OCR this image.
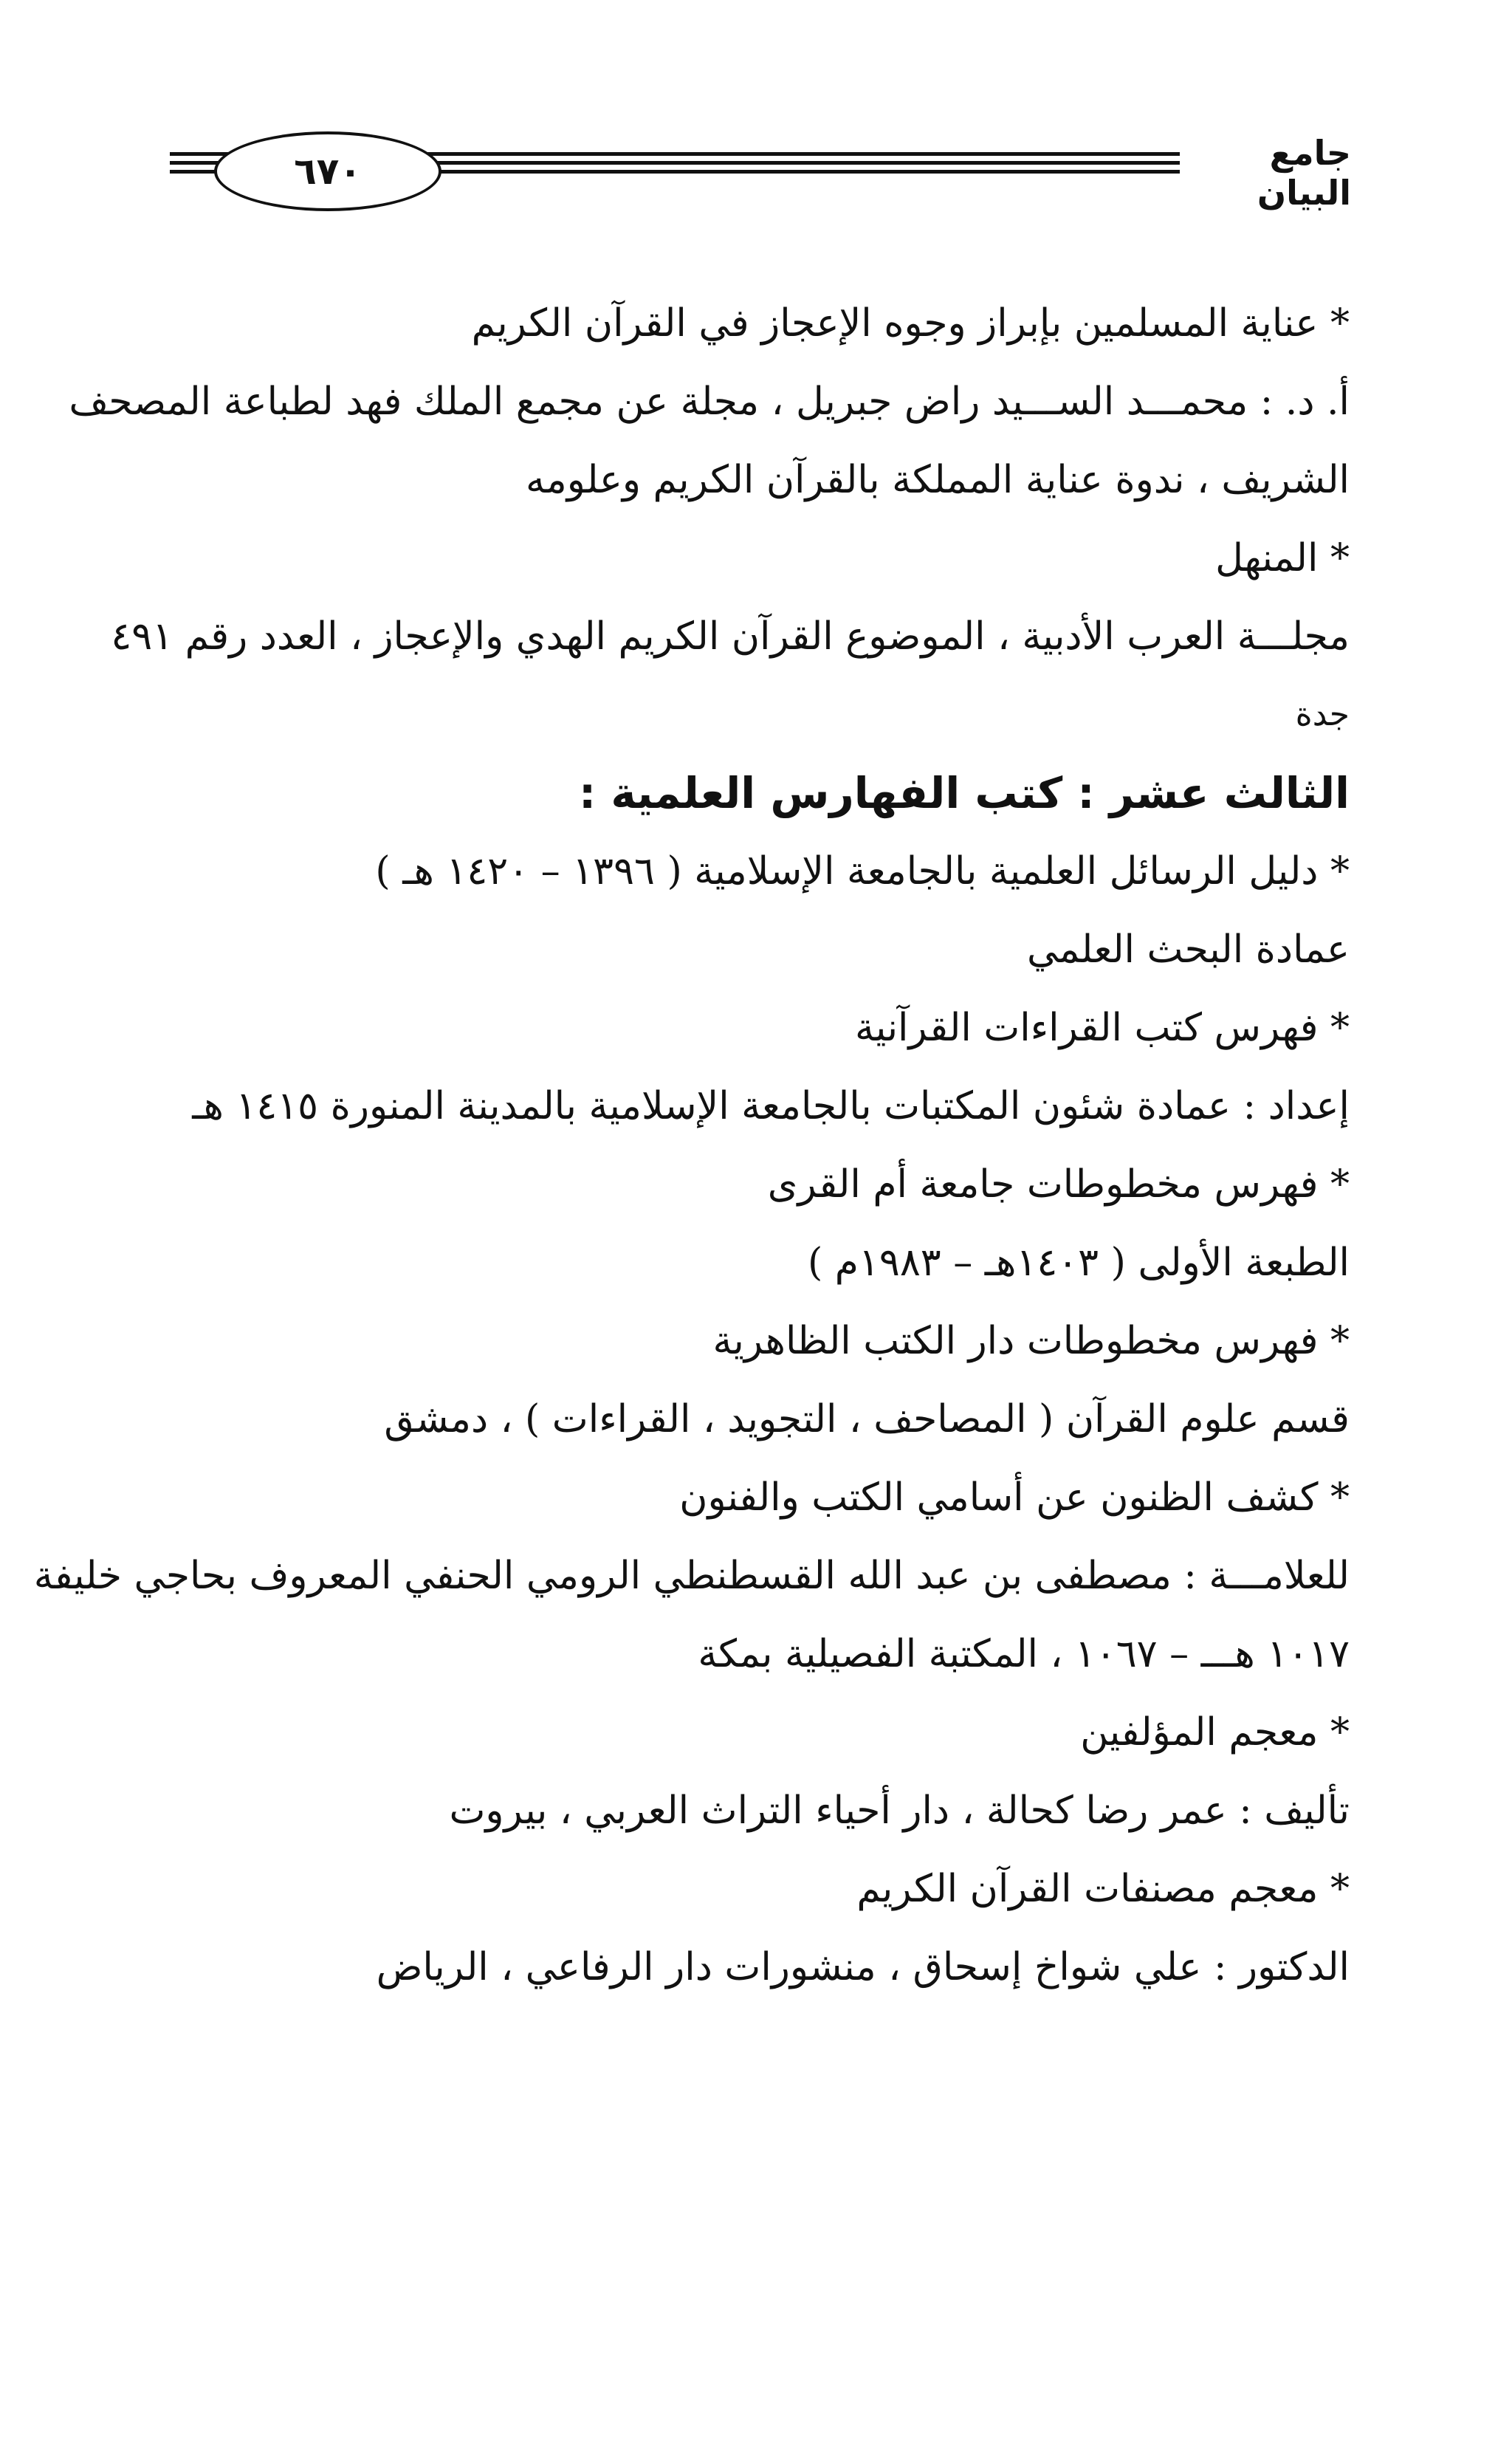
٦٧٠	جامع البيان
* عناية المسلمين بإبراز وجوه الإعجاز في القرآن الكريم
أ. د. : محمـــد الســـيد راض جبريل ، مجلة عن مجمع الملك فهد لطباعة المصحف
الشريف ، ندوة عناية المملكة بالقرآن الكريم وعلومه
* المنهل
مجلـــة العرب الأدبية ، الموضوع القرآن الكريم الهدي والإعجاز ، العدد رقم ٤٩١
جدة
الثالث عشر : كتب الفهارس العلمية :
* دليل الرسائل العلمية بالجامعة الإسلامية ( ١٣٩٦ – ١٤٢٠ هـ )
عمادة البحث العلمي
* فهرس كتب القراءات القرآنية
إعداد : عمادة شئون المكتبات بالجامعة الإسلامية بالمدينة المنورة ١٤١٥ هـ
* فهرس مخطوطات جامعة أم القرى
الطبعة الأولى ( ١٤٠٣هـ – ١٩٨٣م )
* فهرس مخطوطات دار الكتب الظاهرية
قسم علوم القرآن ( المصاحف ، التجويد ، القراءات ) ، دمشق
* كشف الظنون عن أسامي الكتب والفنون
للعلامـــة : مصطفى بن عبد الله القسطنطي الرومي الحنفي المعروف بحاجي خليفة
١٠١٧ هـــ – ١٠٦٧ ، المكتبة الفصيلية بمكة
* معجم المؤلفين
تأليف : عمر رضا كحالة ، دار أحياء التراث العربي ، بيروت
* معجم مصنفات القرآن الكريم
الدكتور : علي شواخ إسحاق ، منشورات دار الرفاعي ، الرياض
